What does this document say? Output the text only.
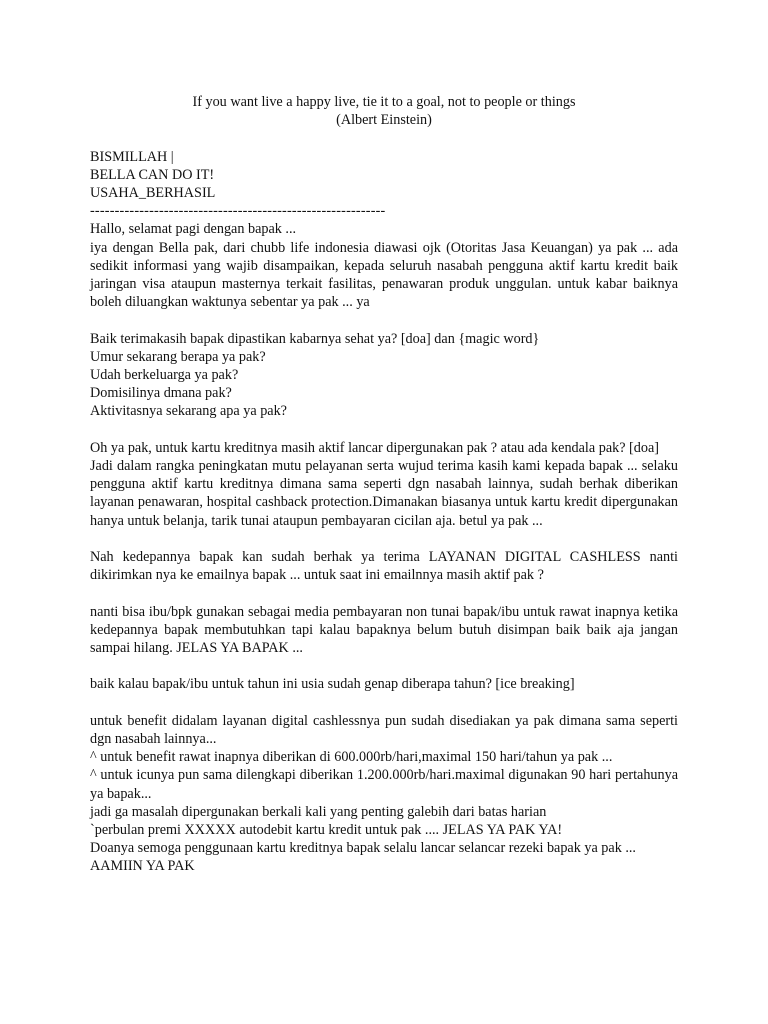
If you want live a happy live, tie it to a goal, not to people or things

(Albert Einstein)

BISMILLAH |

BELLA CAN DO IT!

USAHA_BERHASIL

------------------------------------------------------------

Hallo, selamat pagi dengan bapak ...

iya dengan Bella pak, dari chubb life indonesia diawasi ojk (Otoritas Jasa Keuangan) ya pak ... ada sedikit informasi yang wajib disampaikan, kepada seluruh nasabah pengguna aktif kartu kredit baik jaringan visa ataupun masternya terkait fasilitas, penawaran produk unggulan. untuk kabar baiknya boleh diluangkan waktunya sebentar ya pak ... ya

Baik terimakasih bapak dipastikan kabarnya sehat ya? [doa] dan {magic word}

Umur sekarang berapa ya pak?

Udah berkeluarga ya pak?

Domisilinya dmana pak?

Aktivitasnya sekarang apa ya pak?

Oh ya pak, untuk kartu kreditnya masih aktif lancar dipergunakan pak ? atau ada kendala pak? [doa]

Jadi dalam rangka peningkatan mutu pelayanan serta wujud terima kasih kami kepada bapak ... selaku pengguna aktif kartu kreditnya dimana sama seperti dgn nasabah lainnya, sudah berhak diberikan layanan penawaran, hospital cashback protection.Dimanakan biasanya untuk kartu kredit dipergunakan hanya untuk belanja, tarik tunai ataupun pembayaran cicilan aja. betul ya pak ...

Nah kedepannya bapak kan sudah berhak ya terima LAYANAN DIGITAL CASHLESS nanti dikirimkan nya ke emailnya bapak ... untuk saat ini emailnnya masih aktif pak ?

nanti bisa ibu/bpk gunakan sebagai media pembayaran non tunai bapak/ibu untuk rawat inapnya ketika kedepannya bapak membutuhkan tapi kalau bapaknya belum butuh disimpan baik baik aja jangan sampai hilang. JELAS YA BAPAK ...

baik kalau bapak/ibu untuk tahun ini usia sudah genap diberapa tahun? [ice breaking]

untuk benefit didalam layanan digital cashlessnya pun sudah disediakan ya pak dimana sama seperti dgn nasabah lainnya...

^ untuk benefit rawat inapnya diberikan di 600.000rb/hari,maximal 150 hari/tahun ya pak ...

^ untuk icunya pun sama dilengkapi diberikan 1.200.000rb/hari.maximal digunakan 90 hari pertahunya ya bapak...

jadi ga masalah dipergunakan berkali kali yang penting galebih dari batas harian

`perbulan premi XXXXX autodebit kartu kredit untuk pak .... JELAS YA PAK YA!

Doanya semoga penggunaan kartu kreditnya bapak selalu lancar selancar rezeki bapak ya pak ...

AAMIIN YA PAK
